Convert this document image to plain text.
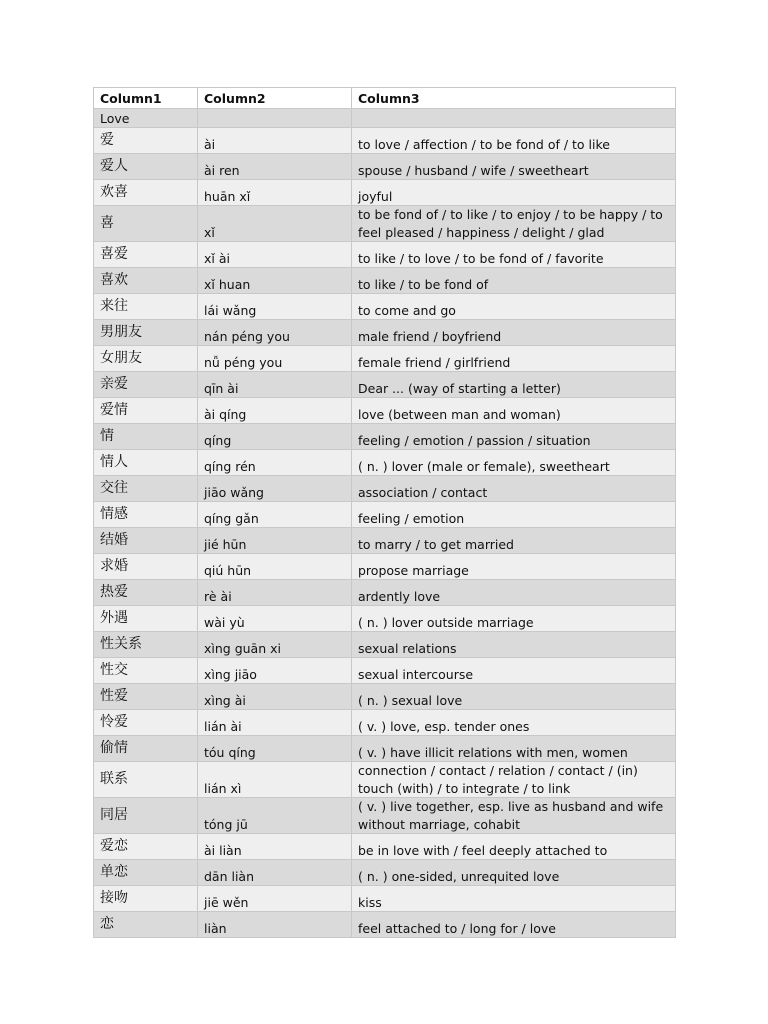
Column1	Column2	Column3
Love		
爱	ài	to love / affection / to be fond of / to like
爱人	ài ren	spouse / husband / wife / sweetheart
欢喜	huān xǐ	joyful
喜	xǐ	to be fond of / to like / to enjoy / to be happy / to feel pleased / happiness / delight / glad
喜爱	xǐ ài	to like / to love / to be fond of / favorite
喜欢	xǐ huan	to like / to be fond of
来往	lái wǎng	to come and go
男朋友	nán péng you	male friend / boyfriend
女朋友	nǚ péng you	female friend / girlfriend
亲爱	qīn ài	Dear ... (way of starting a letter)
爱情	ài qíng	love (between man and woman)
情	qíng	feeling / emotion / passion / situation
情人	qíng rén	( n. ) lover (male or female), sweetheart
交往	jiāo wǎng	association / contact
情感	qíng gǎn	feeling / emotion
结婚	jié hūn	to marry / to get married
求婚	qiú hūn	propose marriage
热爱	rè ài	ardently love
外遇	wài yù	( n. ) lover outside marriage
性关系	xìng guān xi	sexual relations
性交	xìng jiāo	sexual intercourse
性爱	xìng ài	( n. ) sexual love
怜爱	lián ài	( v. ) love, esp. tender ones
偷情	tóu qíng	( v. ) have illicit relations with men, women
联系	lián xì	connection / contact / relation / contact / (in) touch (with) / to integrate / to link
同居	tóng jū	( v. ) live together, esp. live as husband and wife without marriage, cohabit
爱恋	ài liàn	be in love with / feel deeply attached to
单恋	dān liàn	( n. ) one-sided, unrequited love
接吻	jiē wěn	kiss
恋	liàn	feel attached to / long for / love
